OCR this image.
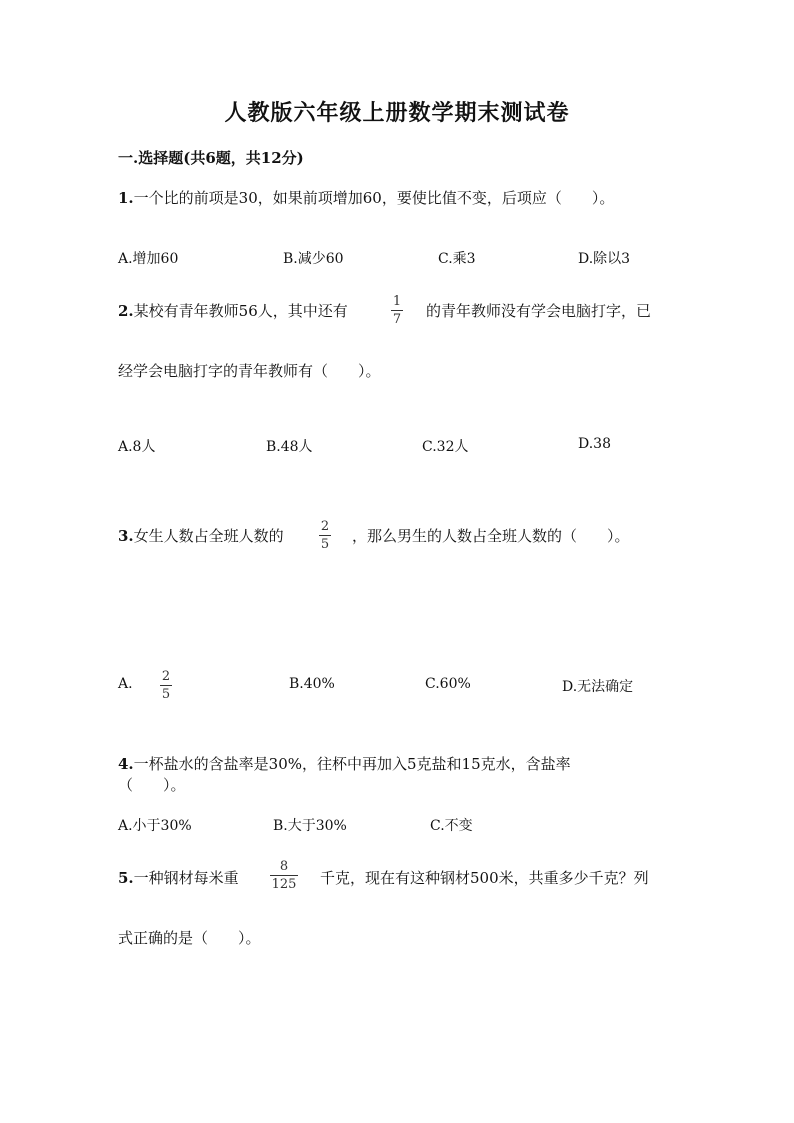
人教版六年级上册数学期末测试卷
一.选择题(共6题，共12分)
1.一个比的前项是30，如果前项增加60，要使比值不变，后项应（　　）。
A.增加60	B.减少60	C.乘3	D.除以3
2.某校有青年教师56人，其中还有
1
7 的青年教师没有学会电脑打字，已
经学会电脑打字的青年教师有（　　）。
A.8人	B.48人	C.32人	D.38
3.女生人数占全班人数的
2
5 ，那么男生的人数占全班人数的（　　）。
A. 2
5
B.40%	C.60%	D.无法确定
4.一杯盐水的含盐率是30%，往杯中再加入5克盐和15克水，含盐率
（　　）。
A.小于30%	B.大于30%	C.不变
5.一种钢材每米重
8
125 千克，现在有这种钢材500米，共重多少千克？列
式正确的是（　　）。
